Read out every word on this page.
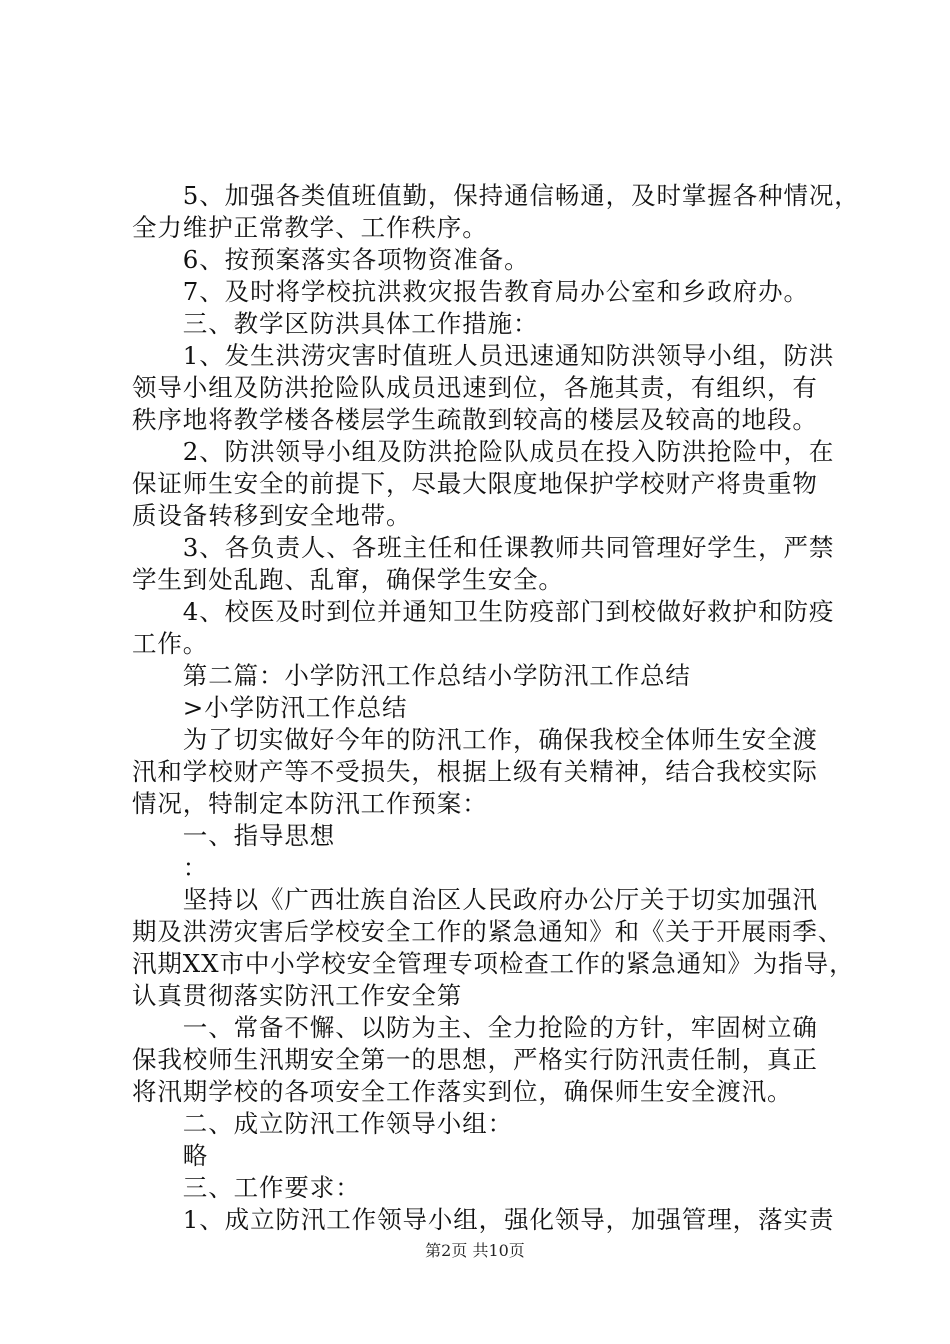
　　5、加强各类值班值勤，保持通信畅通，及时掌握各种情况，
全力维护正常教学、工作秩序。
　　6、按预案落实各项物资准备。
　　7、及时将学校抗洪救灾报告教育局办公室和乡政府办。
　　三、教学区防洪具体工作措施：
　　1、发生洪涝灾害时值班人员迅速通知防洪领导小组，防洪
领导小组及防洪抢险队成员迅速到位，各施其责，有组织，有
秩序地将教学楼各楼层学生疏散到较高的楼层及较高的地段。
　　2、防洪领导小组及防洪抢险队成员在投入防洪抢险中，在
保证师生安全的前提下，尽最大限度地保护学校财产将贵重物
质设备转移到安全地带。
　　3、各负责人、各班主任和任课教师共同管理好学生，严禁
学生到处乱跑、乱窜，确保学生安全。
　　4、校医及时到位并通知卫生防疫部门到校做好救护和防疫
工作。
　　第二篇：小学防汛工作总结小学防汛工作总结
　　>小学防汛工作总结
　　为了切实做好今年的防汛工作，确保我校全体师生安全渡
汛和学校财产等不受损失，根据上级有关精神，结合我校实际
情况，特制定本防汛工作预案：
　　一、指导思想
　　：
　　坚持以《广西壮族自治区人民政府办公厅关于切实加强汛
期及洪涝灾害后学校安全工作的紧急通知》和《关于开展雨季、
汛期XX市中小学校安全管理专项检查工作的紧急通知》为指导，
认真贯彻落实防汛工作安全第
　　一、常备不懈、以防为主、全力抢险的方针，牢固树立确
保我校师生汛期安全第一的思想，严格实行防汛责任制，真正
将汛期学校的各项安全工作落实到位，确保师生安全渡汛。
　　二、成立防汛工作领导小组：
　　略
　　三、工作要求：
　　1、成立防汛工作领导小组，强化领导，加强管理，落实责
第2页 共10页
